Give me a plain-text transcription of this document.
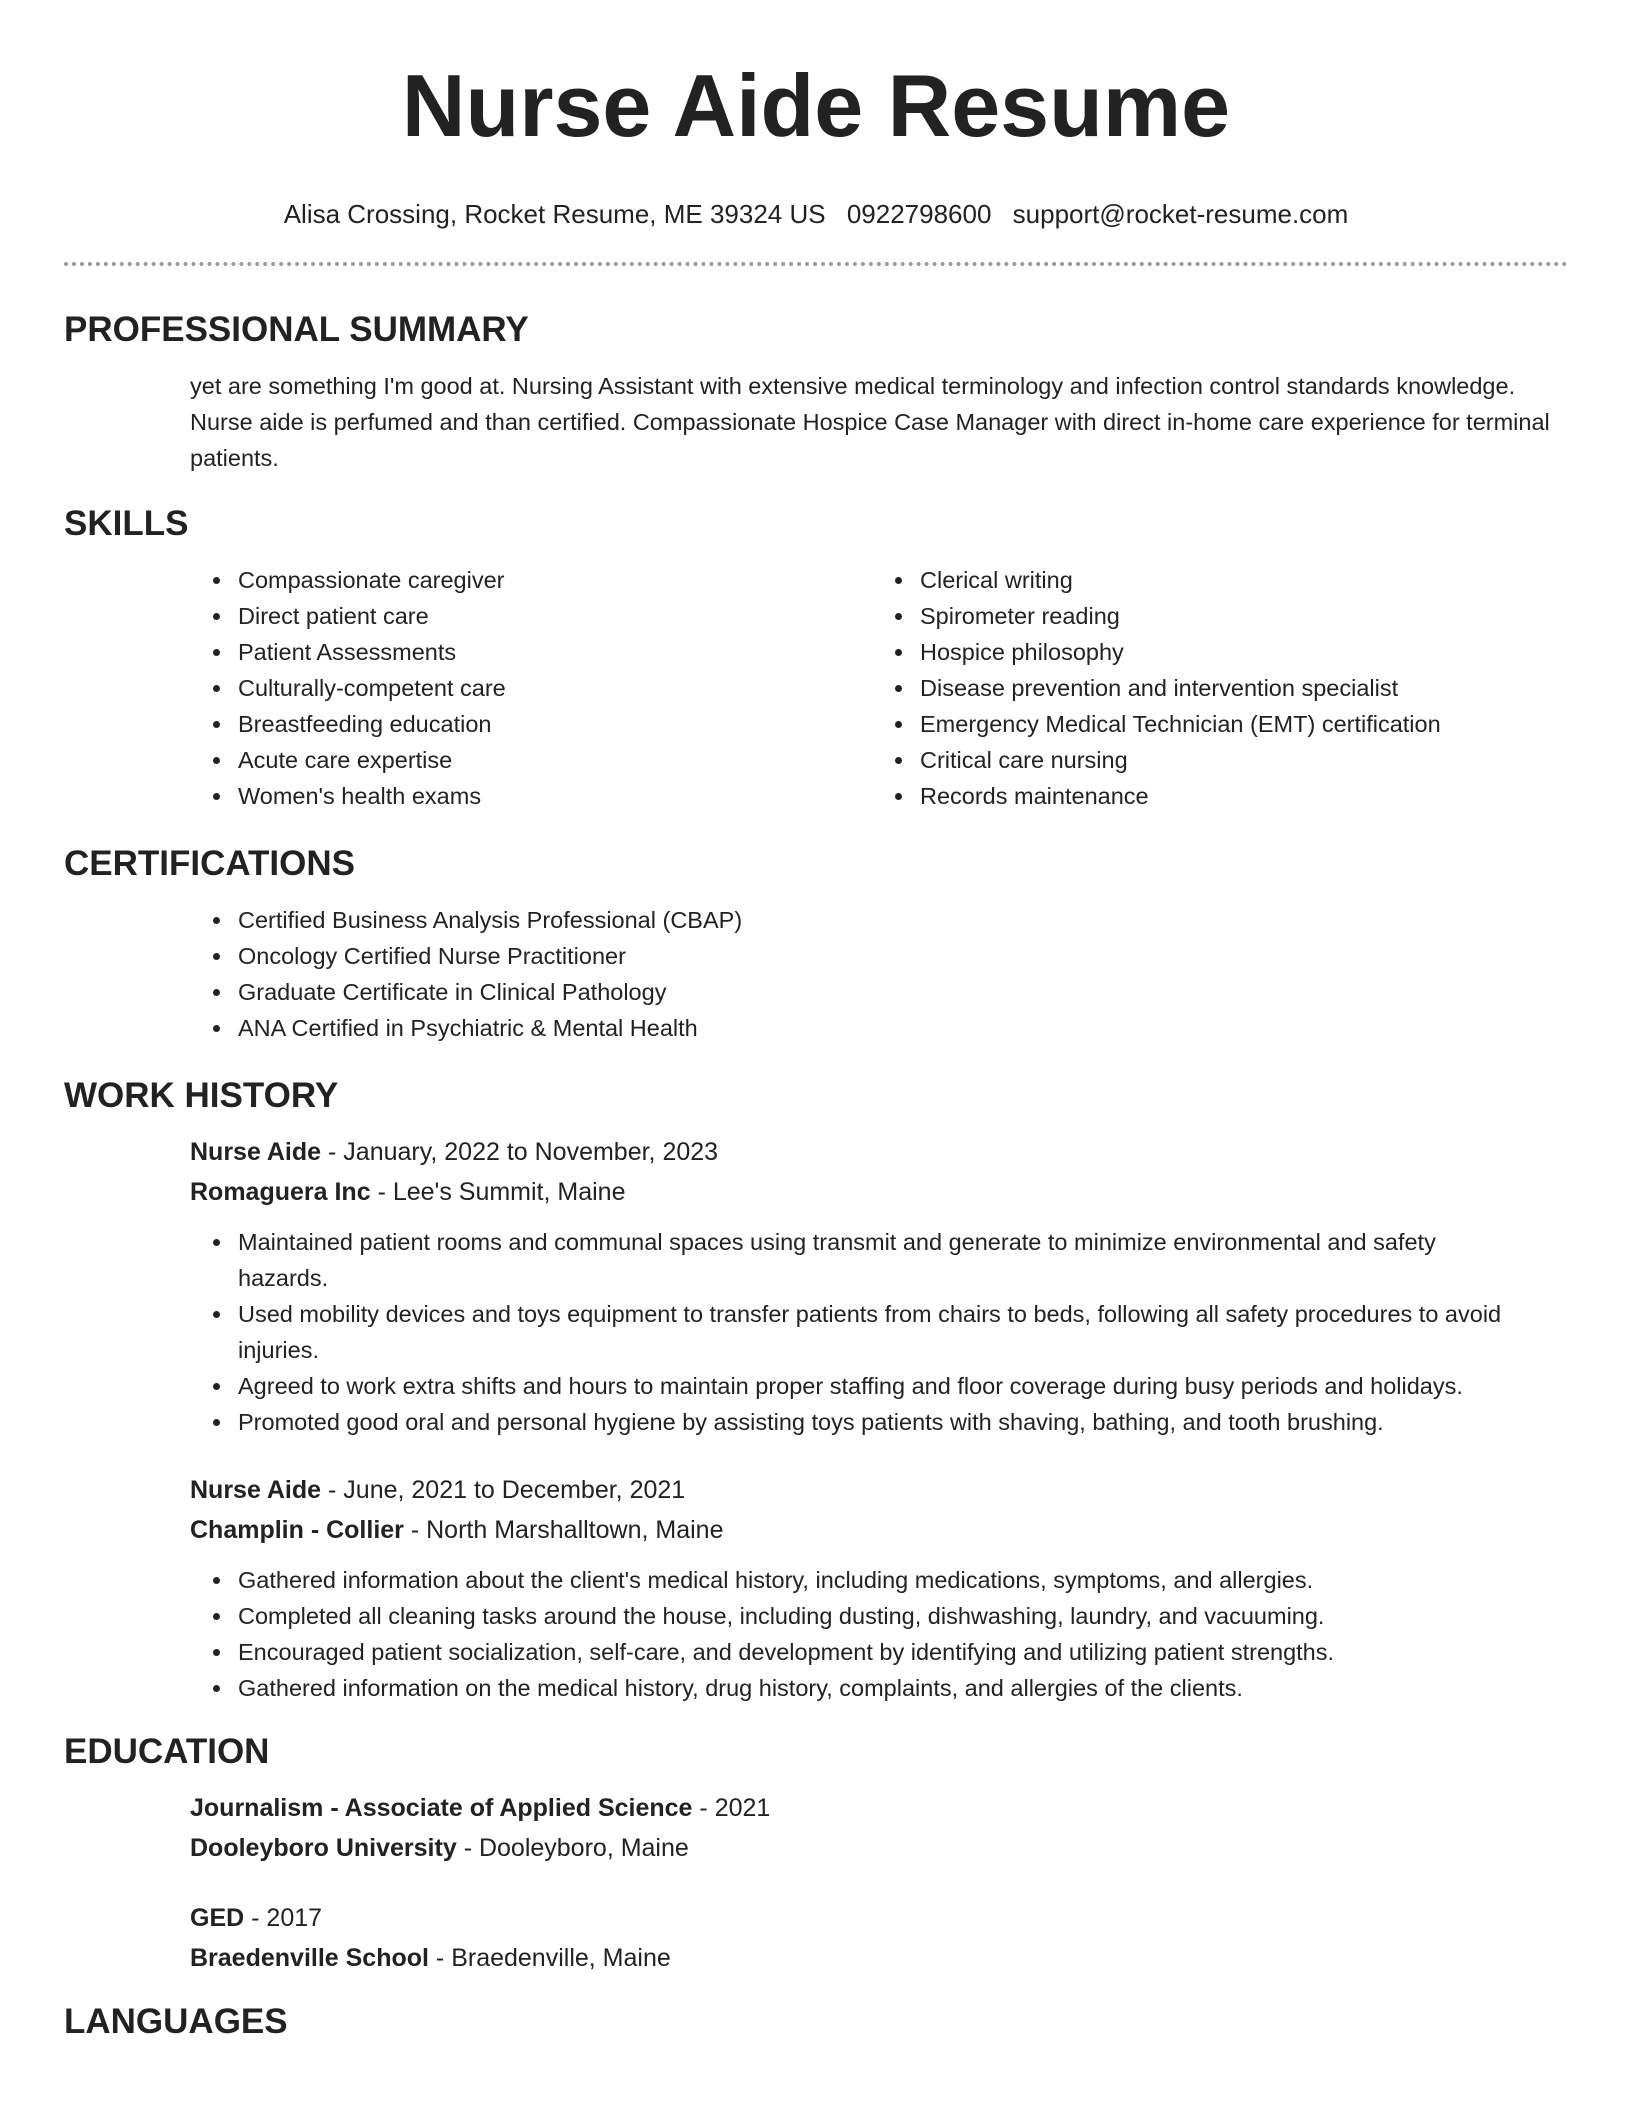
Nurse Aide Resume
Alisa Crossing, Rocket Resume, ME 39324 US 0922798600 support@rocket-resume.com
PROFESSIONAL SUMMARY

yet are something I'm good at. Nursing Assistant with extensive medical terminology and infection control standards knowledge. Nurse aide is perfumed and than certified. Compassionate Hospice Case Manager with direct in-home care experience for terminal patients.

SKILLS
• Compassionate caregiver
• Direct patient care
• Patient Assessments
• Culturally-competent care
• Breastfeeding education
• Acute care expertise
• Women's health exams
• Clerical writing
• Spirometer reading
• Hospice philosophy
• Disease prevention and intervention specialist
• Emergency Medical Technician (EMT) certification
• Critical care nursing
• Records maintenance
CERTIFICATIONS
• Certified Business Analysis Professional (CBAP)
• Oncology Certified Nurse Practitioner
• Graduate Certificate in Clinical Pathology
• ANA Certified in Psychiatric & Mental Health
WORK HISTORY

Nurse Aide - January, 2022 to November, 2023

Romaguera Inc - Lee's Summit, Maine

• Maintained patient rooms and communal spaces using transmit and generate to minimize environmental and safety hazards.
• Used mobility devices and toys equipment to transfer patients from chairs to beds, following all safety procedures to avoid injuries.
• Agreed to work extra shifts and hours to maintain proper staffing and floor coverage during busy periods and holidays.
• Promoted good oral and personal hygiene by assisting toys patients with shaving, bathing, and tooth brushing.

Nurse Aide - June, 2021 to December, 2021

Champlin - Collier - North Marshalltown, Maine

• Gathered information about the client's medical history, including medications, symptoms, and allergies.
• Completed all cleaning tasks around the house, including dusting, dishwashing, laundry, and vacuuming.
• Encouraged patient socialization, self-care, and development by identifying and utilizing patient strengths.
• Gathered information on the medical history, drug history, complaints, and allergies of the clients.
EDUCATION

Journalism - Associate of Applied Science - 2021

Dooleyboro University - Dooleyboro, Maine

GED - 2017

Braedenville School - Braedenville, Maine

LANGUAGES
